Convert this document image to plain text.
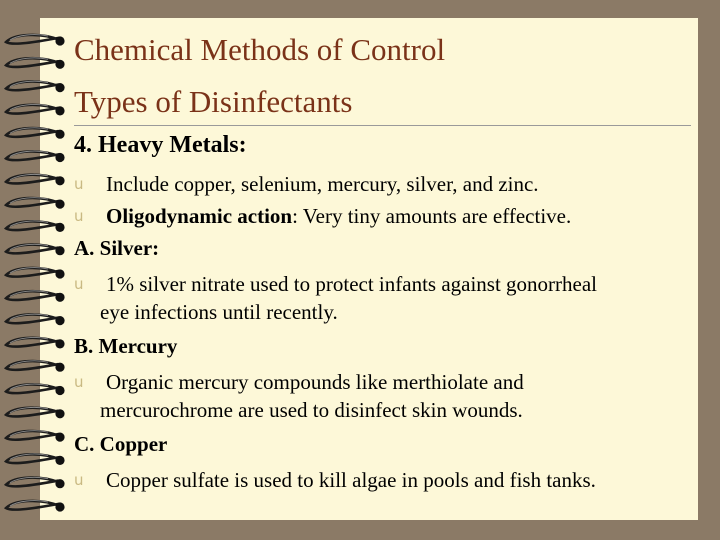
Chemical Methods of Control
Types of Disinfectants
4. Heavy Metals:
u Include copper, selenium, mercury, silver, and zinc.
u Oligodynamic action: Very tiny amounts are effective.
A. Silver:
u 1% silver nitrate used to protect infants against gonorrheal
eye infections until recently.
B. Mercury
u Organic mercury compounds like merthiolate and
mercurochrome are used to disinfect skin wounds.
C. Copper
u Copper sulfate is used to kill algae in pools and fish tanks.
